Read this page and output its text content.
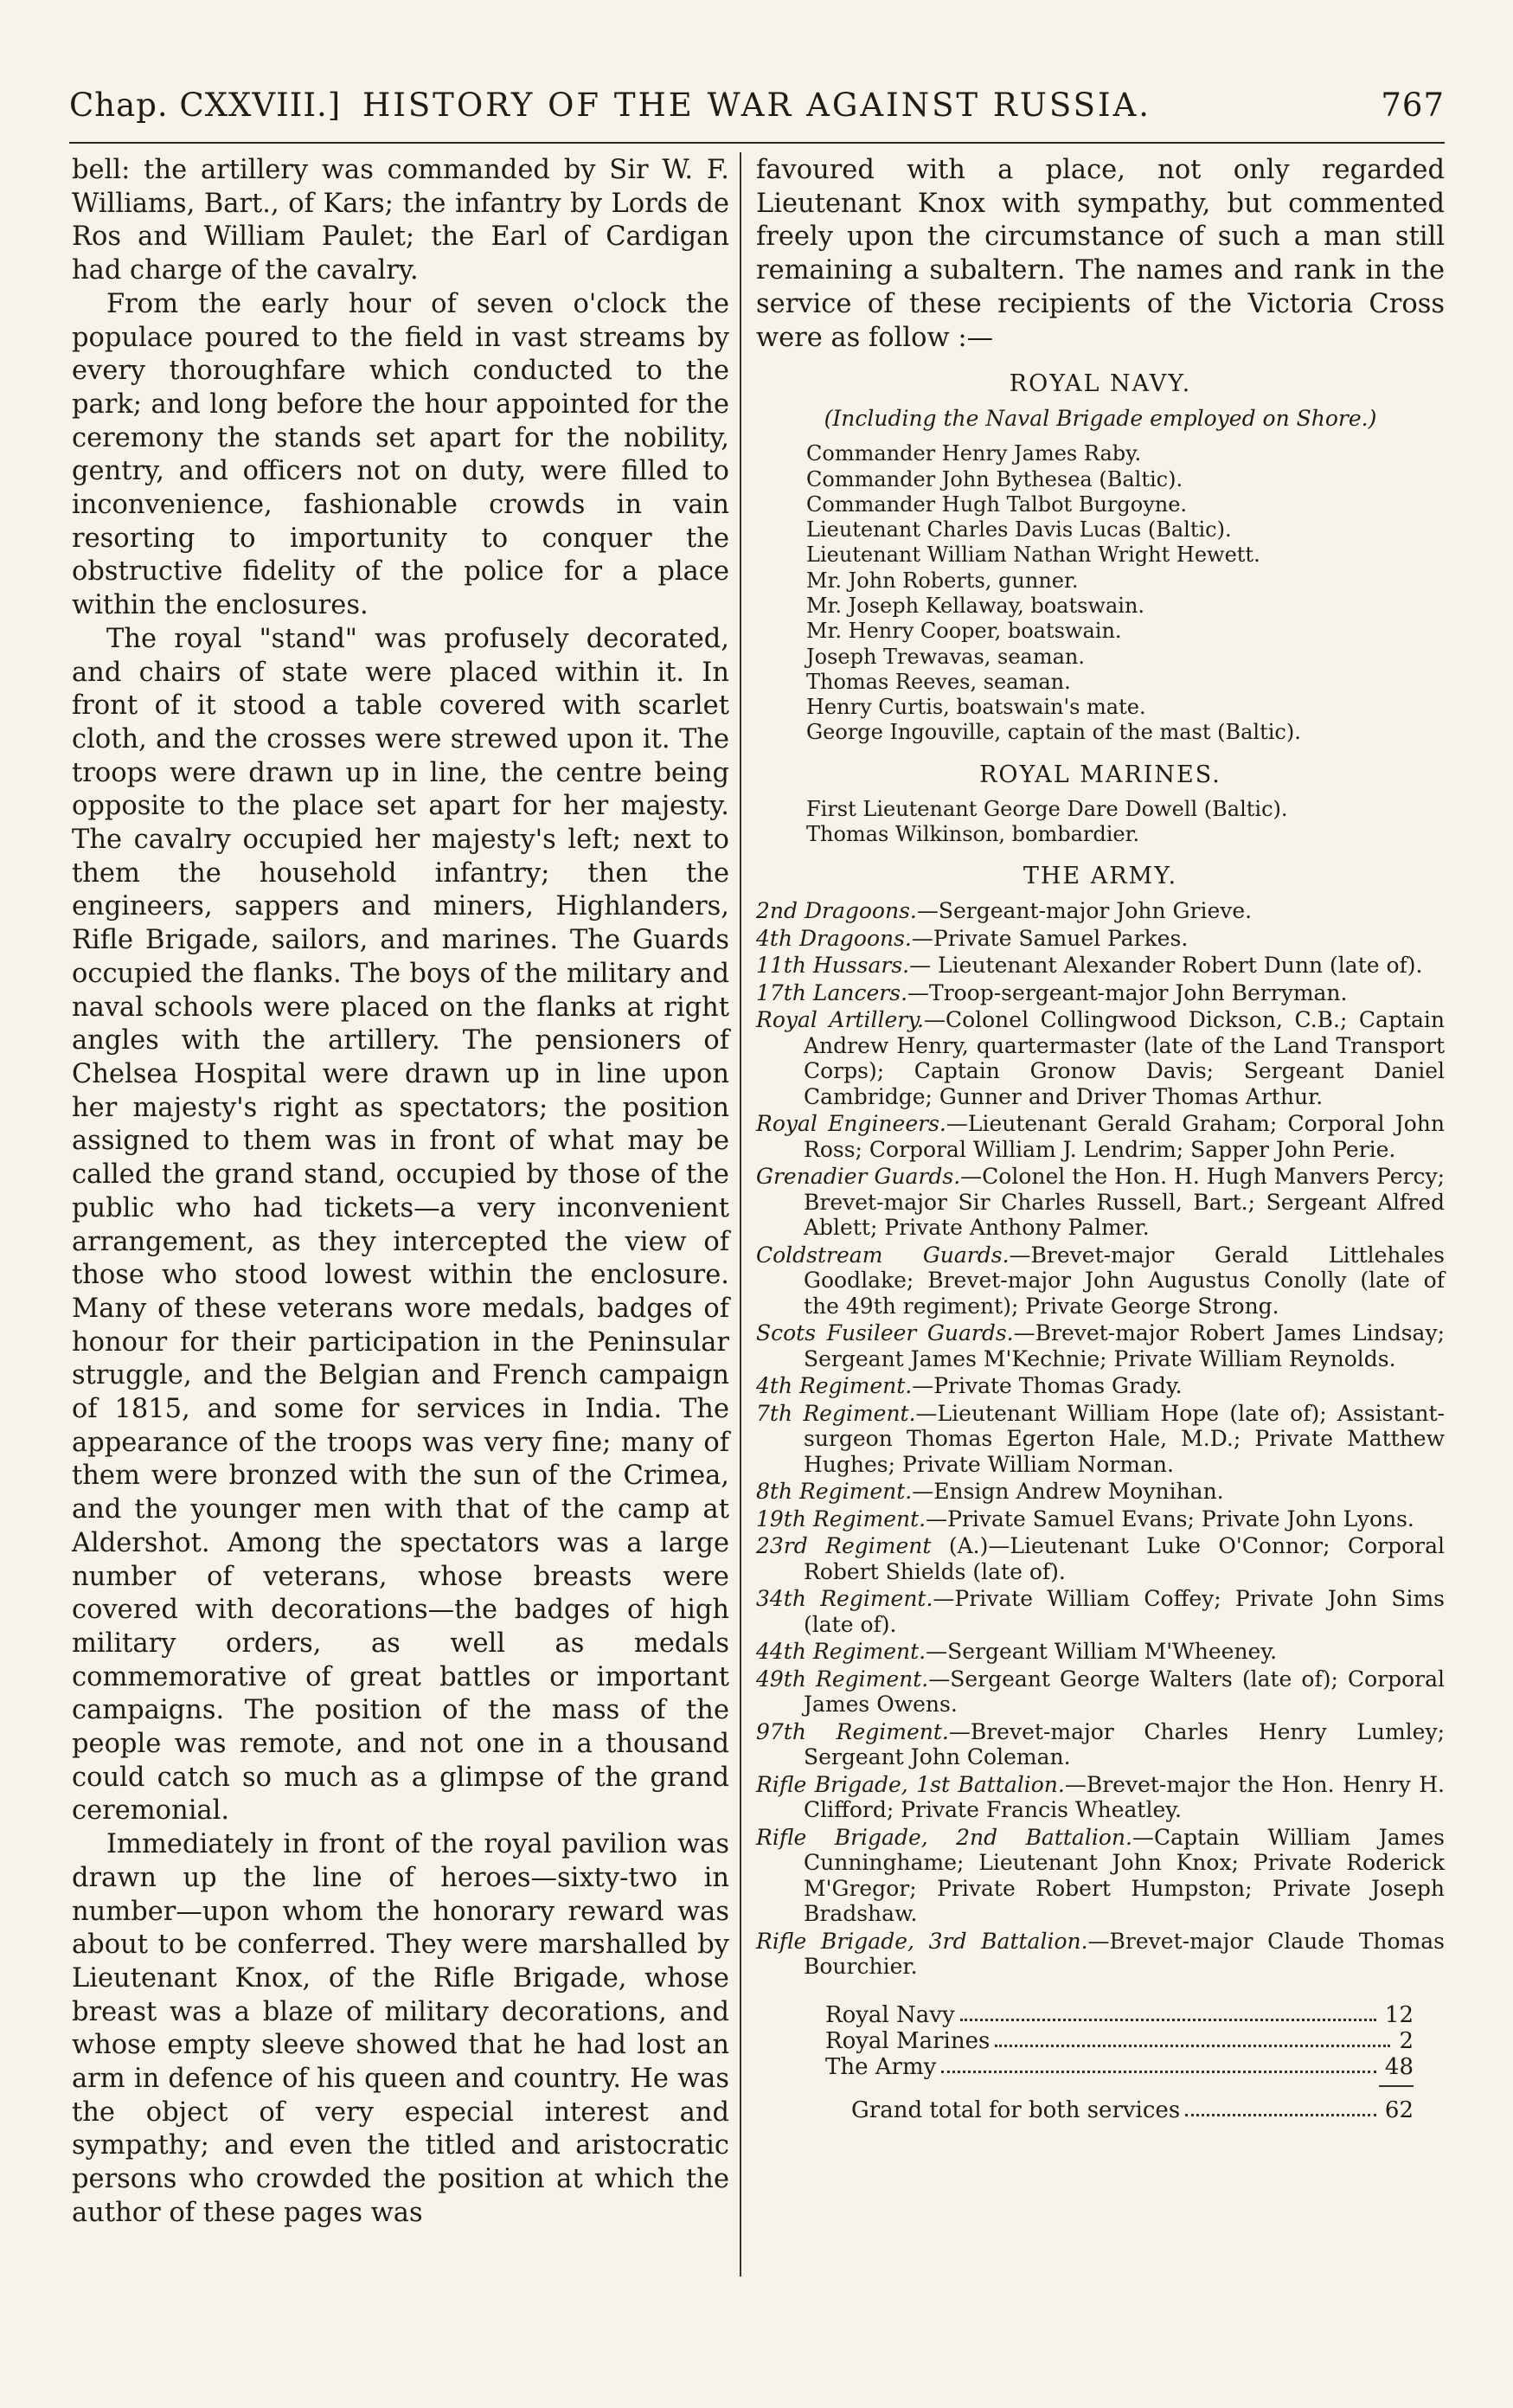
Chap. CXXVIII.] HISTORY OF THE WAR AGAINST RUSSIA.	767

bell: the artillery was commanded by Sir W. F. Williams, Bart., of Kars; the infantry by Lords de Ros and William Paulet; the Earl of Cardigan had charge of the cavalry.

From the early hour of seven o'clock the populace poured to the field in vast streams by every thoroughfare which conducted to the park; and long before the hour appointed for the ceremony the stands set apart for the nobility, gentry, and officers not on duty, were filled to inconvenience, fashionable crowds in vain resorting to importunity to conquer the obstructive fidelity of the police for a place within the enclosures.

The royal "stand" was profusely decorated, and chairs of state were placed within it. In front of it stood a table covered with scarlet cloth, and the crosses were strewed upon it. The troops were drawn up in line, the centre being opposite to the place set apart for her majesty. The cavalry occupied her majesty's left; next to them the household infantry; then the engineers, sappers and miners, Highlanders, Rifle Brigade, sailors, and marines. The Guards occupied the flanks. The boys of the military and naval schools were placed on the flanks at right angles with the artillery. The pensioners of Chelsea Hospital were drawn up in line upon her majesty's right as spectators; the position assigned to them was in front of what may be called the grand stand, occupied by those of the public who had tickets—a very inconvenient arrangement, as they intercepted the view of those who stood lowest within the enclosure. Many of these veterans wore medals, badges of honour for their participation in the Peninsular struggle, and the Belgian and French campaign of 1815, and some for services in India. The appearance of the troops was very fine; many of them were bronzed with the sun of the Crimea, and the younger men with that of the camp at Aldershot. Among the spectators was a large number of veterans, whose breasts were covered with decorations—the badges of high military orders, as well as medals commemorative of great battles or important campaigns. The position of the mass of the people was remote, and not one in a thousand could catch so much as a glimpse of the grand ceremonial.

Immediately in front of the royal pavilion was drawn up the line of heroes—sixty-two in number—upon whom the honorary reward was about to be conferred. They were marshalled by Lieutenant Knox, of the Rifle Brigade, whose breast was a blaze of military decorations, and whose empty sleeve showed that he had lost an arm in defence of his queen and country. He was the object of very especial interest and sympathy; and even the titled and aristocratic persons who crowded the position at which the author of these pages was

favoured with a place, not only regarded Lieutenant Knox with sympathy, but commented freely upon the circumstance of such a man still remaining a subaltern. The names and rank in the service of these recipients of the Victoria Cross were as follow :—

ROYAL NAVY.
(Including the Naval Brigade employed on Shore.)
Commander Henry James Raby.
Commander John Bythesea (Baltic).
Commander Hugh Talbot Burgoyne.
Lieutenant Charles Davis Lucas (Baltic).
Lieutenant William Nathan Wright Hewett.
Mr. John Roberts, gunner.
Mr. Joseph Kellaway, boatswain.
Mr. Henry Cooper, boatswain.
Joseph Trewavas, seaman.
Thomas Reeves, seaman.
Henry Curtis, boatswain's mate.
George Ingouville, captain of the mast (Baltic).
ROYAL MARINES.
First Lieutenant George Dare Dowell (Baltic).
Thomas Wilkinson, bombardier.
THE ARMY.

2nd Dragoons.—Sergeant-major John Grieve.

4th Dragoons.—Private Samuel Parkes.

11th Hussars.— Lieutenant Alexander Robert Dunn (late of).

17th Lancers.—Troop-sergeant-major John Berryman.

Royal Artillery.—Colonel Collingwood Dickson, C.B.; Captain Andrew Henry, quartermaster (late of the Land Transport Corps); Captain Gronow Davis; Sergeant Daniel Cambridge; Gunner and Driver Thomas Arthur.

Royal Engineers.—Lieutenant Gerald Graham; Corporal John Ross; Corporal William J. Lendrim; Sapper John Perie.

Grenadier Guards.—Colonel the Hon. H. Hugh Manvers Percy; Brevet-major Sir Charles Russell, Bart.; Sergeant Alfred Ablett; Private Anthony Palmer.

Coldstream Guards.—Brevet-major Gerald Littlehales Goodlake; Brevet-major John Augustus Conolly (late of the 49th regiment); Private George Strong.

Scots Fusileer Guards.—Brevet-major Robert James Lindsay; Sergeant James M'Kechnie; Private William Reynolds.

4th Regiment.—Private Thomas Grady.

7th Regiment.—Lieutenant William Hope (late of); Assistant-surgeon Thomas Egerton Hale, M.D.; Private Matthew Hughes; Private William Norman.

8th Regiment.—Ensign Andrew Moynihan.

19th Regiment.—Private Samuel Evans; Private John Lyons.

23rd Regiment (A.)—Lieutenant Luke O'Connor; Corporal Robert Shields (late of).

34th Regiment.—Private William Coffey; Private John Sims (late of).

44th Regiment.—Sergeant William M'Wheeney.

49th Regiment.—Sergeant George Walters (late of); Corporal James Owens.

97th Regiment.—Brevet-major Charles Henry Lumley; Sergeant John Coleman.

Rifle Brigade, 1st Battalion.—Brevet-major the Hon. Henry H. Clifford; Private Francis Wheatley.

Rifle Brigade, 2nd Battalion.—Captain William James Cunninghame; Lieutenant John Knox; Private Roderick M'Gregor; Private Robert Humpston; Private Joseph Bradshaw.

Rifle Brigade, 3rd Battalion.—Brevet-major Claude Thomas Bourchier.

Royal Navy	12
Royal Marines	2
The Army	48
Grand total for both services	62
